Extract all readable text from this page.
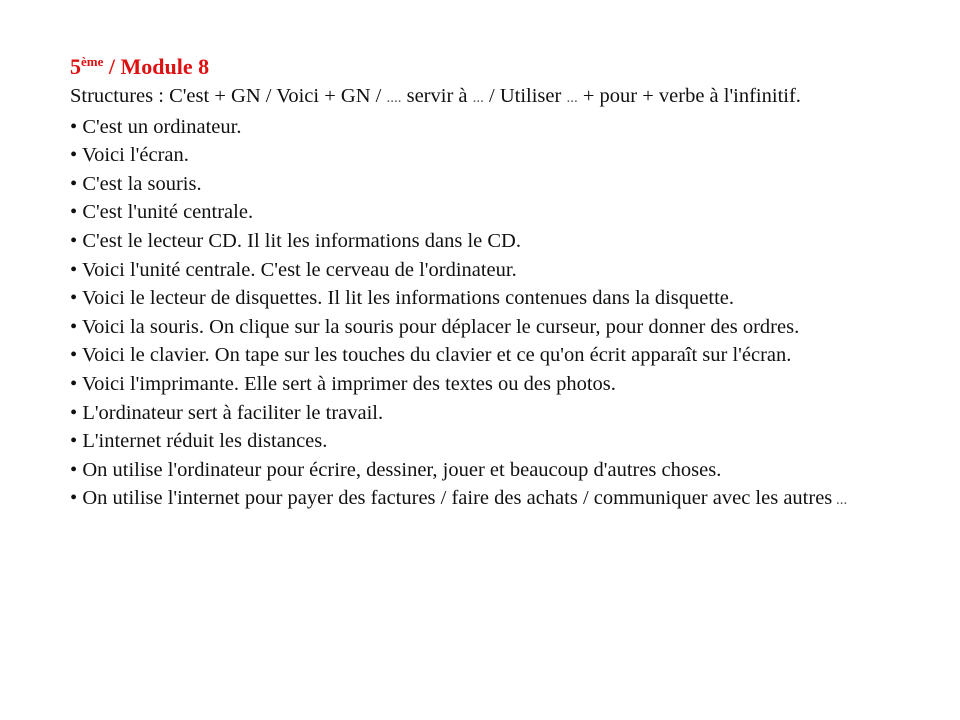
5ème / Module 8
Structures : C'est + GN / Voici + GN / .... servir à ... / Utiliser ... + pour + verbe à l'infinitif.
• C'est un ordinateur.
• Voici l'écran.
• C'est la souris.
• C'est l'unité centrale.
• C'est le lecteur CD. Il lit les informations dans le CD.
• Voici l'unité centrale. C'est le cerveau de l'ordinateur.
• Voici le lecteur de disquettes. Il lit les informations contenues dans la disquette.
• Voici la souris. On clique sur la souris pour déplacer le curseur, pour donner des ordres.
• Voici le clavier. On tape sur les touches du clavier et ce qu'on écrit apparaît sur l'écran.
• Voici l'imprimante. Elle sert à imprimer des textes ou des photos.
• L'ordinateur sert à faciliter le travail.
• L'internet réduit les distances.
• On utilise l'ordinateur pour écrire, dessiner, jouer et beaucoup d'autres choses.
• On utilise l'internet pour payer des factures / faire des achats / communiquer avec les autres ...
